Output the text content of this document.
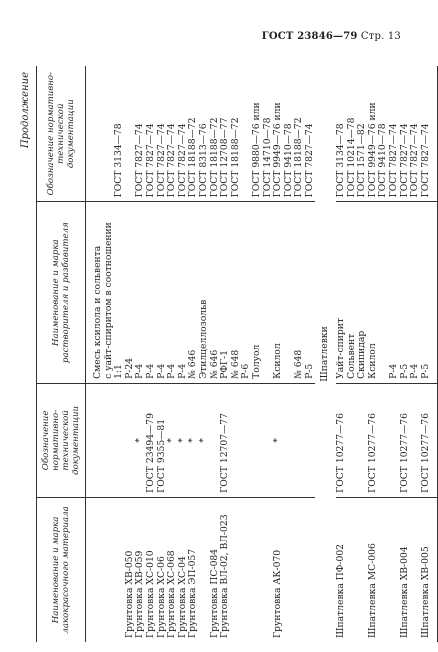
ГОСТ 23846—79 Стр. 13
Продолжение
Наименование и марка лакокрасочного материала	Обозначение нормативно-технической документации	Наименование и марка растворителя и разбавителя	Обозначение нормативно-технической документации

		Смесь ксилола и сольвента	
		с уайт-спиритом в соотношении	
		1:1	ГОСТ 3134—78
Грунтовка ХВ-050		Р-24	
Грунтовка ХВ-059	*	Р-4	ГОСТ 7827—74
Грунтовка ХС-010	ГОСТ 23494—79	Р-4	ГОСТ 7827—74
Грунтовка ХС-06	ГОСТ 9355—81	Р-4	ГОСТ 7827—74
Грунтовка ХС-068	*	Р-4	ГОСТ 7827—74
Грунтовка ХС-04	*	Р-4	ГОСТ 7827—74
Грунтовка ЭП-057	*	№ 646	ГОСТ 18188—72
	*	Этилцеллозольв	ГОСТ 8313—76
Грунтовка ПС-084		№ 646	ГОСТ 18188—72
Грунтовка ВЛ-02, ВЛ-023	ГОСТ 12707—77	РФГ-1	ГОСТ 12708—77
		№ 648	ГОСТ 18188—72
		Р-6	
		Толуол	ГОСТ 9880—76 или
			ГОСТ 14710—78
Грунтовка АК-070	*	Ксилол	ГОСТ 9949—76 или
			ГОСТ 9410—78
		№ 648	ГОСТ 18188—72
		Р-5	ГОСТ 7827—74
Шпатлевки			
Шпатлевка ПФ-002	ГОСТ 10277—76	Уайт-спирит	ГОСТ 3134—78
		Сольвент	ГОСТ 10214—78
		Скипидар	ГОСТ 1571—82
Шпатлевка МС-006	ГОСТ 10277—76	Ксилол	ГОСТ 9949—76 или
			ГОСТ 9410—78
		Р-4	ГОСТ 7827—74
Шпатлевка ХВ-004	ГОСТ 10277—76	Р-5	ГОСТ 7827—74
		Р-4	ГОСТ 7827—74
Шпатлевка ХВ-005	ГОСТ 10277—76	Р-5	ГОСТ 7827—74
